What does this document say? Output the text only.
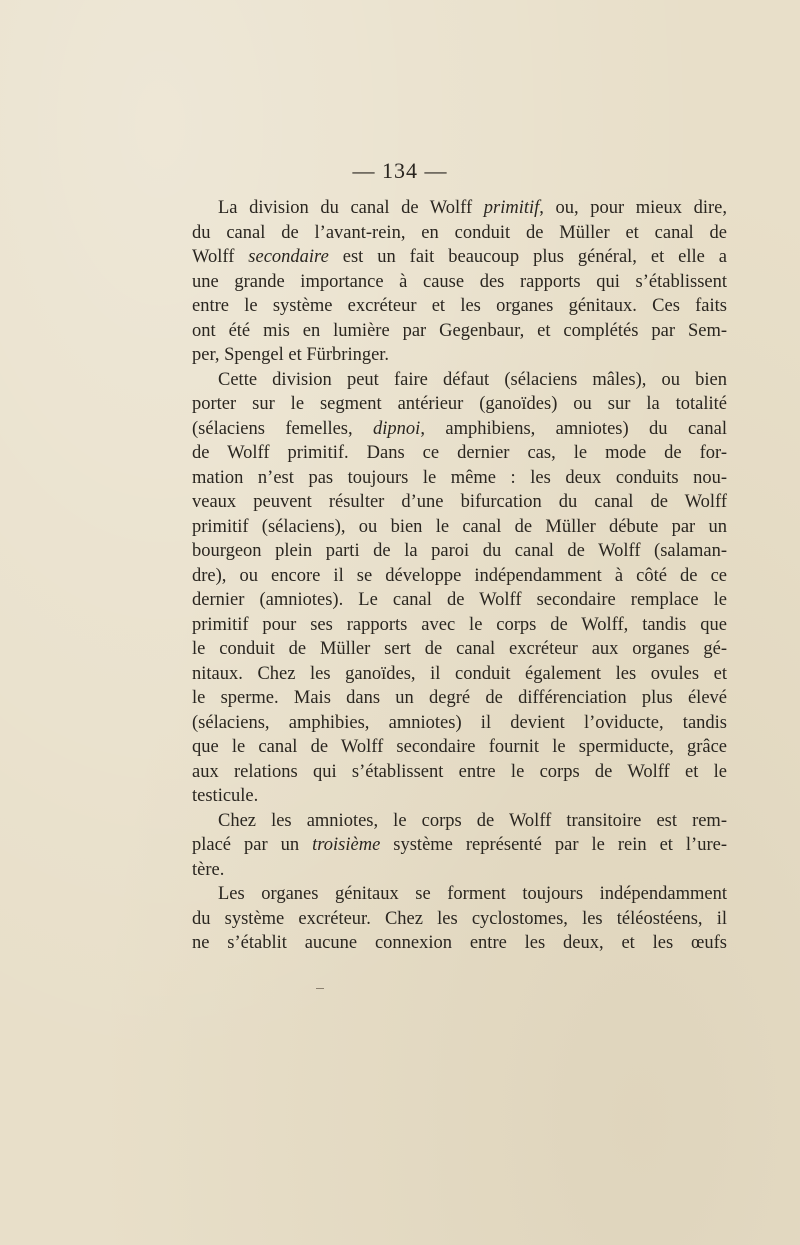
— 134 —
La division du canal de Wolff primitif, ou, pour mieux dire,
du canal de l’avant-rein, en conduit de Müller et canal de
Wolff secondaire est un fait beaucoup plus général, et elle a
une grande importance à cause des rapports qui s’établissent
entre le système excréteur et les organes génitaux. Ces faits
ont été mis en lumière par Gegenbaur, et complétés par Sem-
per, Spengel et Fürbringer.
Cette division peut faire défaut (sélaciens mâles), ou bien
porter sur le segment antérieur (ganoïdes) ou sur la totalité
(sélaciens femelles, dipnoi, amphibiens, amniotes) du canal
de Wolff primitif. Dans ce dernier cas, le mode de for-
mation n’est pas toujours le même : les deux conduits nou-
veaux peuvent résulter d’une bifurcation du canal de Wolff
primitif (sélaciens), ou bien le canal de Müller débute par un
bourgeon plein parti de la paroi du canal de Wolff (salaman-
dre), ou encore il se développe indépendamment à côté de ce
dernier (amniotes). Le canal de Wolff secondaire remplace le
primitif pour ses rapports avec le corps de Wolff, tandis que
le conduit de Müller sert de canal excréteur aux organes gé-
nitaux. Chez les ganoïdes, il conduit également les ovules et
le sperme. Mais dans un degré de différenciation plus élevé
(sélaciens, amphibies, amniotes) il devient l’oviducte, tandis
que le canal de Wolff secondaire fournit le spermiducte, grâce
aux relations qui s’établissent entre le corps de Wolff et le
testicule.
Chez les amniotes, le corps de Wolff transitoire est rem-
placé par un troisième système représenté par le rein et l’ure-
tère.
Les organes génitaux se forment toujours indépendamment
du système excréteur. Chez les cyclostomes, les téléostéens, il
ne s’établit aucune connexion entre les deux, et les œufs
